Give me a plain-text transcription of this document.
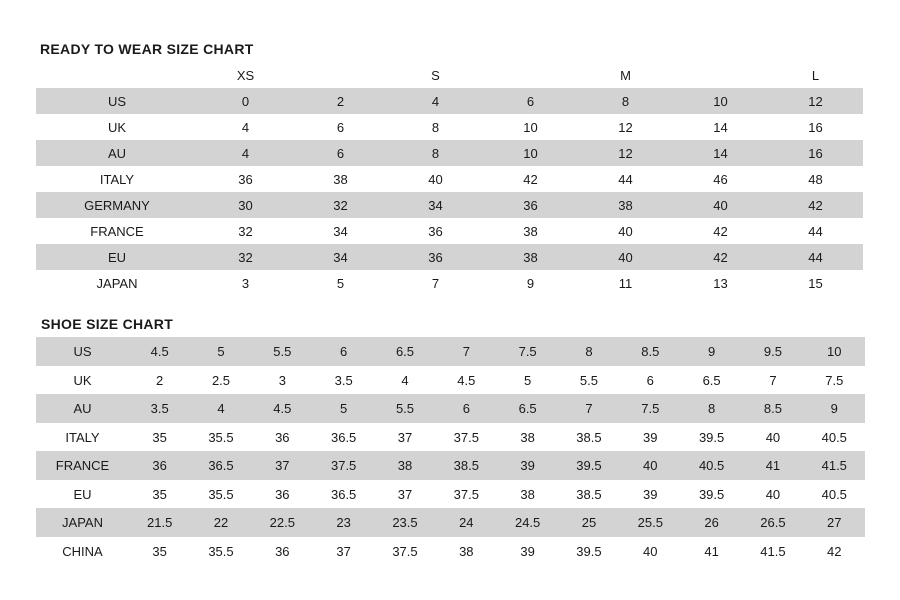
READY TO WEAR SIZE CHART
XS	S	M	L
US	0	2	4	6	8	10	12
UK	4	6	8	10	12	14	16
AU	4	6	8	10	12	14	16
ITALY	36	38	40	42	44	46	48
GERMANY	30	32	34	36	38	40	42
FRANCE	32	34	36	38	40	42	44
EU	32	34	36	38	40	42	44
JAPAN	3	5	7	9	11	13	15
SHOE SIZE CHART
US	4.5	5	5.5	6	6.5	7	7.5	8	8.5	9	9.5	10
UK	2	2.5	3	3.5	4	4.5	5	5.5	6	6.5	7	7.5
AU	3.5	4	4.5	5	5.5	6	6.5	7	7.5	8	8.5	9
ITALY	35	35.5	36	36.5	37	37.5	38	38.5	39	39.5	40	40.5
FRANCE	36	36.5	37	37.5	38	38.5	39	39.5	40	40.5	41	41.5
EU	35	35.5	36	36.5	37	37.5	38	38.5	39	39.5	40	40.5
JAPAN	21.5	22	22.5	23	23.5	24	24.5	25	25.5	26	26.5	27
CHINA	35	35.5	36	37	37.5	38	39	39.5	40	41	41.5	42
